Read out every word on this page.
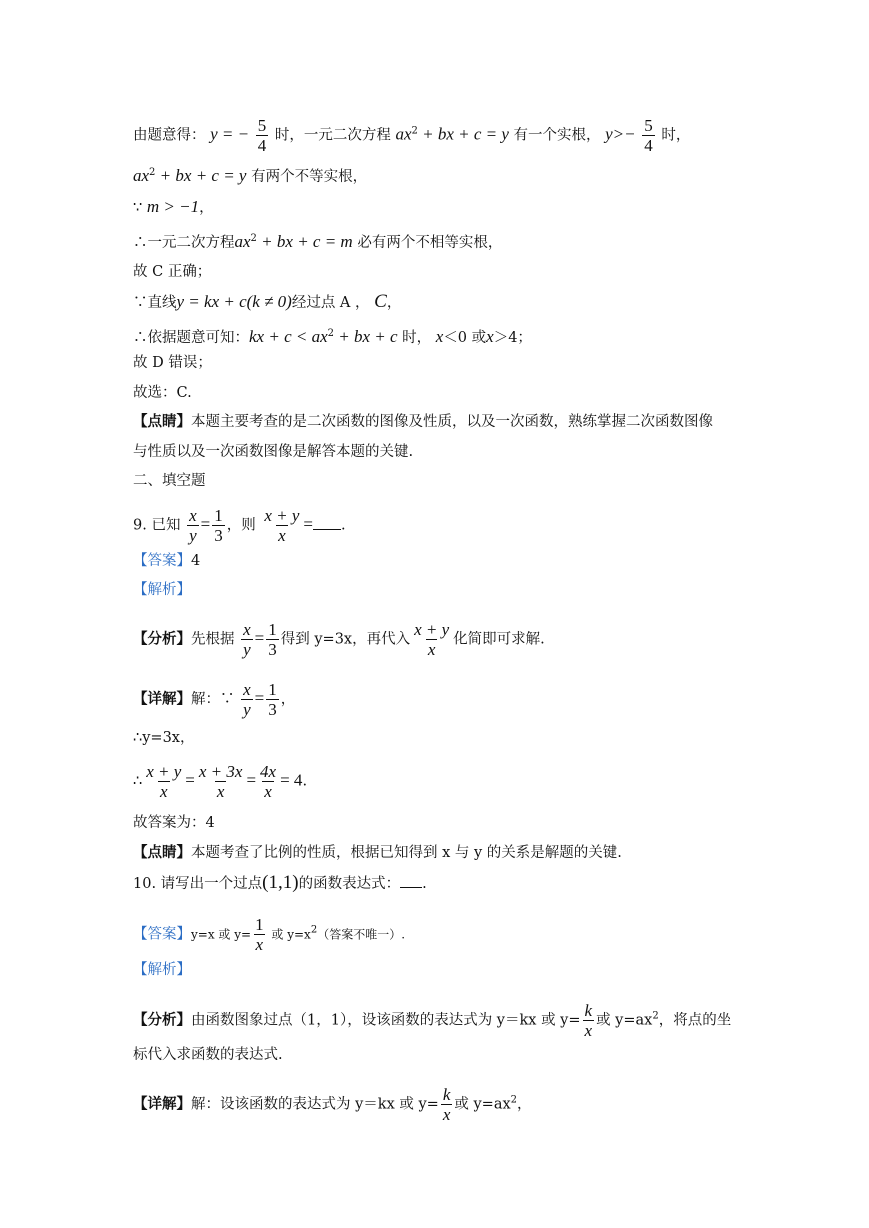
由题意得： y = − $\frac{5}{4}$ 时，一元二次方程 $ax^2$ + bx + c = y 有一个实根， $y>- \frac{5}{4}$ 时，
$ax^2$ + bx + c = y 有两个不等实根，
∵ m > −1，
∴一元二次方程$ax^2$ + bx + c = m 必有两个不相等实根，
故 C 正确；
∵直线y = kx + c(k ≠ 0)经过点 A ， C，
∴依据题意可知：kx + $c < ax^2$ + bx + c 时， x＜0 或x＞4；
故 D 错误；
故选：C.
【点睛】本题主要考查的是二次函数的图像及性质，以及一次函数，熟练掌握二次函数图像
与性质以及一次函数图像是解答本题的关键.
二、填空题
9. 已知 $\frac{x}{y} = \frac{1}{3}$ ，则 $\frac{x + y}{x}$ = .
【答案】4
【解析】
【分析】先根据 $\frac{x}{y} = \frac{1}{3}$ 得到 y=3x，再代入 $\frac{x + y}{x}$ 化简即可求解.
【详解】解：∵ $\frac{x}{y} = \frac{1}{3}$ ，
∴y=3x，
∴ $\frac{x + y}{x} = \frac{x + 3x}{x} = \frac{4x}{x} = 4$.
故答案为：4
【点睛】本题考查了比例的性质，根据已知得到 x 与 y 的关系是解题的关键.
10. 请写出一个过点(1,1)的函数表达式： .
【答案】y=x 或 $y= \frac{1}{x}$ 或 $y=x^2$（答案不唯一）.
【解析】
【分析】由函数图象过点（1，1），设该函数的表达式为 y＝kx 或 $y= \frac{k}{x}$ 或 $y=ax^2$，将点的坐
标代入求函数的表达式.
【详解】解：设该函数的表达式为 y＝kx 或 $y= \frac{k}{x}$ 或 $y=ax^2$，
